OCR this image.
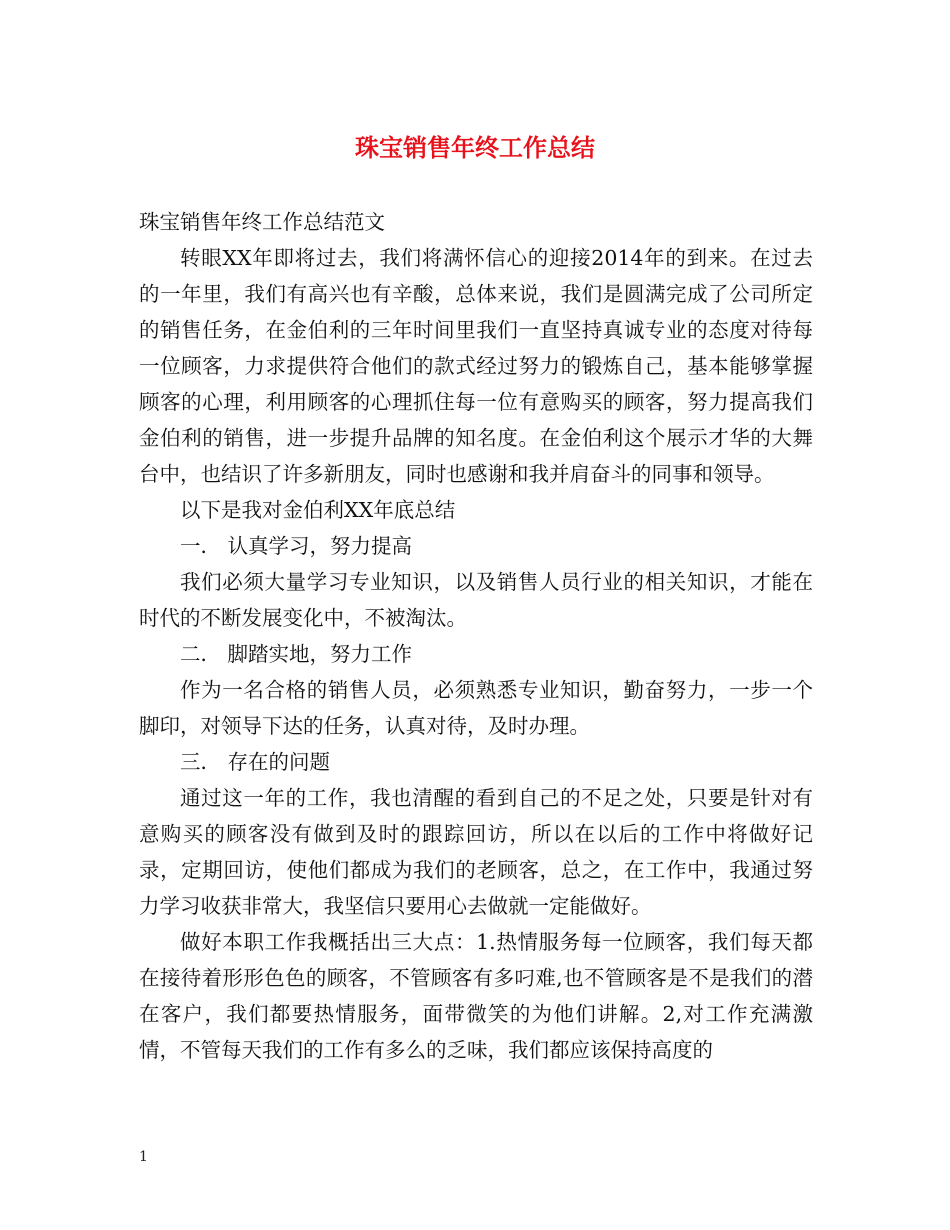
珠宝销售年终工作总结

珠宝销售年终工作总结范文

转眼XX年即将过去，我们将满怀信心的迎接2014年的到来。在过去的一年里，我们有高兴也有辛酸，总体来说，我们是圆满完成了公司所定的销售任务，在金伯利的三年时间里我们一直坚持真诚专业的态度对待每一位顾客，力求提供符合他们的款式经过努力的锻炼自己，基本能够掌握顾客的心理，利用顾客的心理抓住每一位有意购买的顾客，努力提高我们金伯利的销售，进一步提升品牌的知名度。在金伯利这个展示才华的大舞台中，也结识了许多新朋友，同时也感谢和我并肩奋斗的同事和领导。

以下是我对金伯利XX年底总结

一． 认真学习，努力提高

我们必须大量学习专业知识，以及销售人员行业的相关知识，才能在 时代的不断发展变化中，不被淘汰。

二． 脚踏实地，努力工作

作为一名合格的销售人员，必须熟悉专业知识，勤奋努力，一步一个脚印，对领导下达的任务，认真对待，及时办理。

三． 存在的问题

通过这一年的工作，我也清醒的看到自己的不足之处，只要是针对有意购买的顾客没有做到及时的跟踪回访，所以在以后的工作中将做好记录，定期回访，使他们都成为我们的老顾客，总之，在工作中，我通过努力学习收获非常大，我坚信只要用心去做就一定能做好。

做好本职工作我概括出三大点：1.热情服务每一位顾客，我们每天都在接待着形形色色的顾客，不管顾客有多叼难,也不管顾客是不是我们的潜在客户，我们都要热情服务，面带微笑的为他们讲解。2,对工作充满激情，不管每天我们的工作有多么的乏味，我们都应该保持高度的

1
